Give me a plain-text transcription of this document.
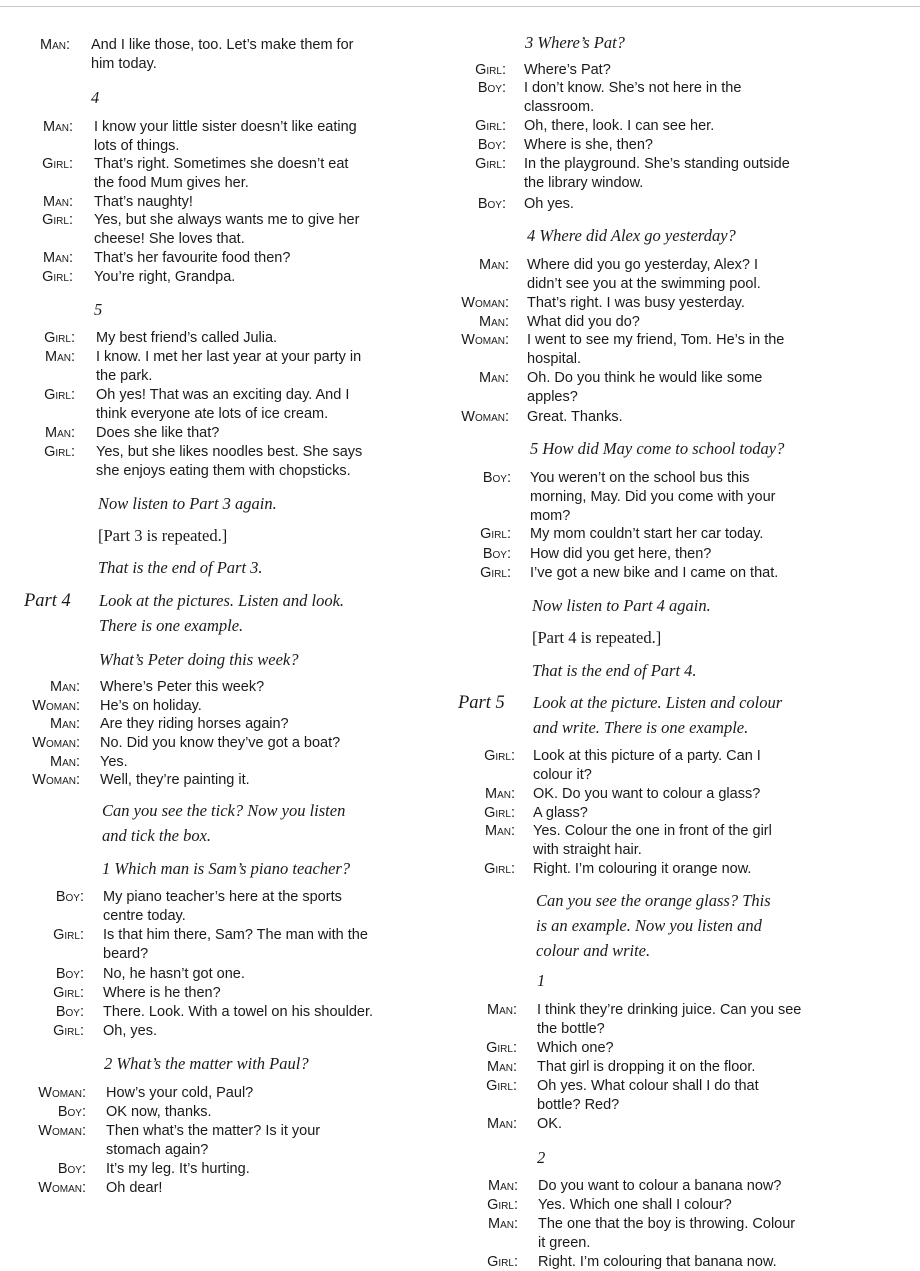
Man: And I like those, too. Let’s make them for
him today.
4
Man: I know your little sister doesn’t like eating
lots of things.
Girl: That’s right. Sometimes she doesn’t eat
the food Mum gives her.
Man: That’s naughty!
Girl: Yes, but she always wants me to give her
cheese! She loves that.
Man: That’s her favourite food then?
Girl: You’re right, Grandpa.
5
Girl: My best friend’s called Julia.
Man: I know. I met her last year at your party in
the park.
Girl: Oh yes! That was an exciting day. And I
think everyone ate lots of ice cream.
Man: Does she like that?
Girl: Yes, but she likes noodles best. She says
she enjoys eating them with chopsticks.
Now listen to Part 3 again.
[Part 3 is repeated.]
That is the end of Part 3.
Part 4 Look at the pictures. Listen and look.
There is one example.
What’s Peter doing this week?
Man: Where’s Peter this week?
Woman: He’s on holiday.
Man: Are they riding horses again?
Woman: No. Did you know they’ve got a boat?
Man: Yes.
Woman: Well, they’re painting it.
Can you see the tick? Now you listen
and tick the box.
1 Which man is Sam’s piano teacher?
Boy: My piano teacher’s here at the sports
centre today.
Girl: Is that him there, Sam? The man with the
beard?
Boy: No, he hasn’t got one.
Girl: Where is he then?
Boy: There. Look. With a towel on his shoulder.
Girl: Oh, yes.
2 What’s the matter with Paul?
Woman: How’s your cold, Paul?
Boy: OK now, thanks.
Woman: Then what’s the matter? Is it your
stomach again?
Boy: It’s my leg. It’s hurting.
Woman: Oh dear!
3 Where’s Pat?
Girl: Where’s Pat?
Boy: I don’t know. She’s not here in the
classroom.
Girl: Oh, there, look. I can see her.
Boy: Where is she, then?
Girl: In the playground. She’s standing outside
the library window.
Boy: Oh yes.
4 Where did Alex go yesterday?
Man: Where did you go yesterday, Alex? I
didn’t see you at the swimming pool.
Woman: That’s right. I was busy yesterday.
Man: What did you do?
Woman: I went to see my friend, Tom. He’s in the
hospital.
Man: Oh. Do you think he would like some
apples?
Woman: Great. Thanks.
5 How did May come to school today?
Boy: You weren’t on the school bus this
morning, May. Did you come with your
mom?
Girl: My mom couldn’t start her car today.
Boy: How did you get here, then?
Girl: I’ve got a new bike and I came on that.
Now listen to Part 4 again.
[Part 4 is repeated.]
That is the end of Part 4.
Part 5 Look at the picture. Listen and colour
and write. There is one example.
Girl: Look at this picture of a party. Can I
colour it?
Man: OK. Do you want to colour a glass?
Girl: A glass?
Man: Yes. Colour the one in front of the girl
with straight hair.
Girl: Right. I’m colouring it orange now.
Can you see the orange glass? This
is an example. Now you listen and
colour and write.
1
Man: I think they’re drinking juice. Can you see
the bottle?
Girl: Which one?
Man: That girl is dropping it on the floor.
Girl: Oh yes. What colour shall I do that
bottle? Red?
Man: OK.
2
Man: Do you want to colour a banana now?
Girl: Yes. Which one shall I colour?
Man: The one that the boy is throwing. Colour
it green.
Girl: Right. I’m colouring that banana now.
